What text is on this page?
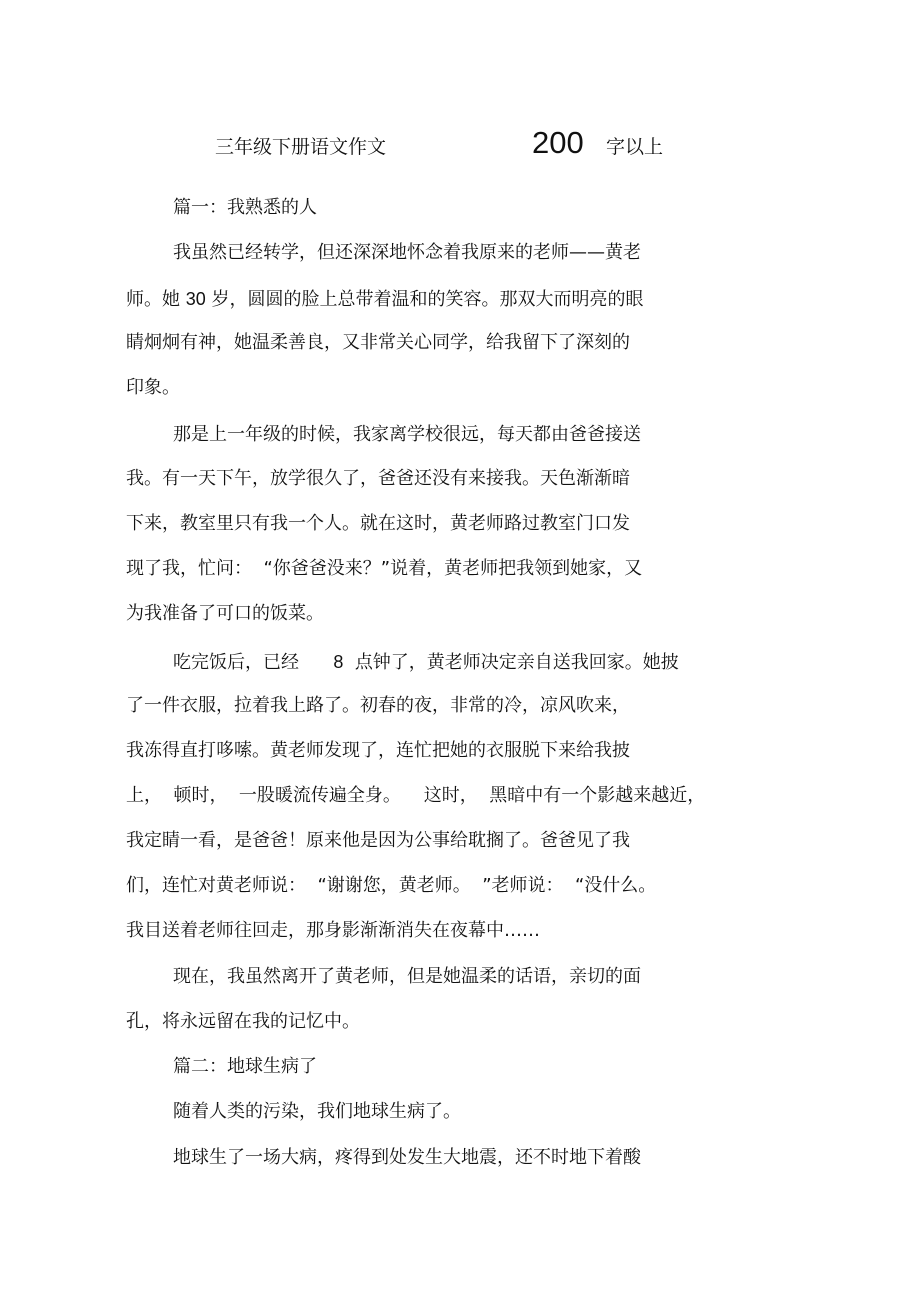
三年级下册语文作文	200 字以上
篇一：我熟悉的人
我虽然已经转学，但还深深地怀念着我原来的老师——黄老
师。她 30 岁，圆圆的脸上总带着温和的笑容。那双大而明亮的眼
睛炯炯有神，她温柔善良，又非常关心同学，给我留下了深刻的
印象。
那是上一年级的时候，我家离学校很远，每天都由爸爸接送
我。有一天下午，放学很久了，爸爸还没有来接我。天色渐渐暗
下来，教室里只有我一个人。就在这时，黄老师路过教室门口发
现了我，忙问：  “你爸爸没来？”说着，黄老师把我领到她家，又
为我准备了可口的饭菜。
吃完饭后，已经 8 点钟了，黄老师决定亲自送我回家。她披
了一件衣服，拉着我上路了。初春的夜，非常的冷，凉风吹来，
我冻得直打哆嗦。黄老师发现了，连忙把她的衣服脱下来给我披
上，  顿时，  一股暖流传遍全身。    这时，  黑暗中有一个影越来越近，
我定睛一看，是爸爸！原来他是因为公事给耽搁了。爸爸见了我
们，连忙对黄老师说：  “谢谢您，黄老师。  ”老师说：  “没什么。
我目送着老师往回走，那身影渐渐消失在夜幕中……
现在，我虽然离开了黄老师，但是她温柔的话语，亲切的面
孔，将永远留在我的记忆中。
篇二：地球生病了
随着人类的污染，我们地球生病了。
地球生了一场大病，疼得到处发生大地震，还不时地下着酸
